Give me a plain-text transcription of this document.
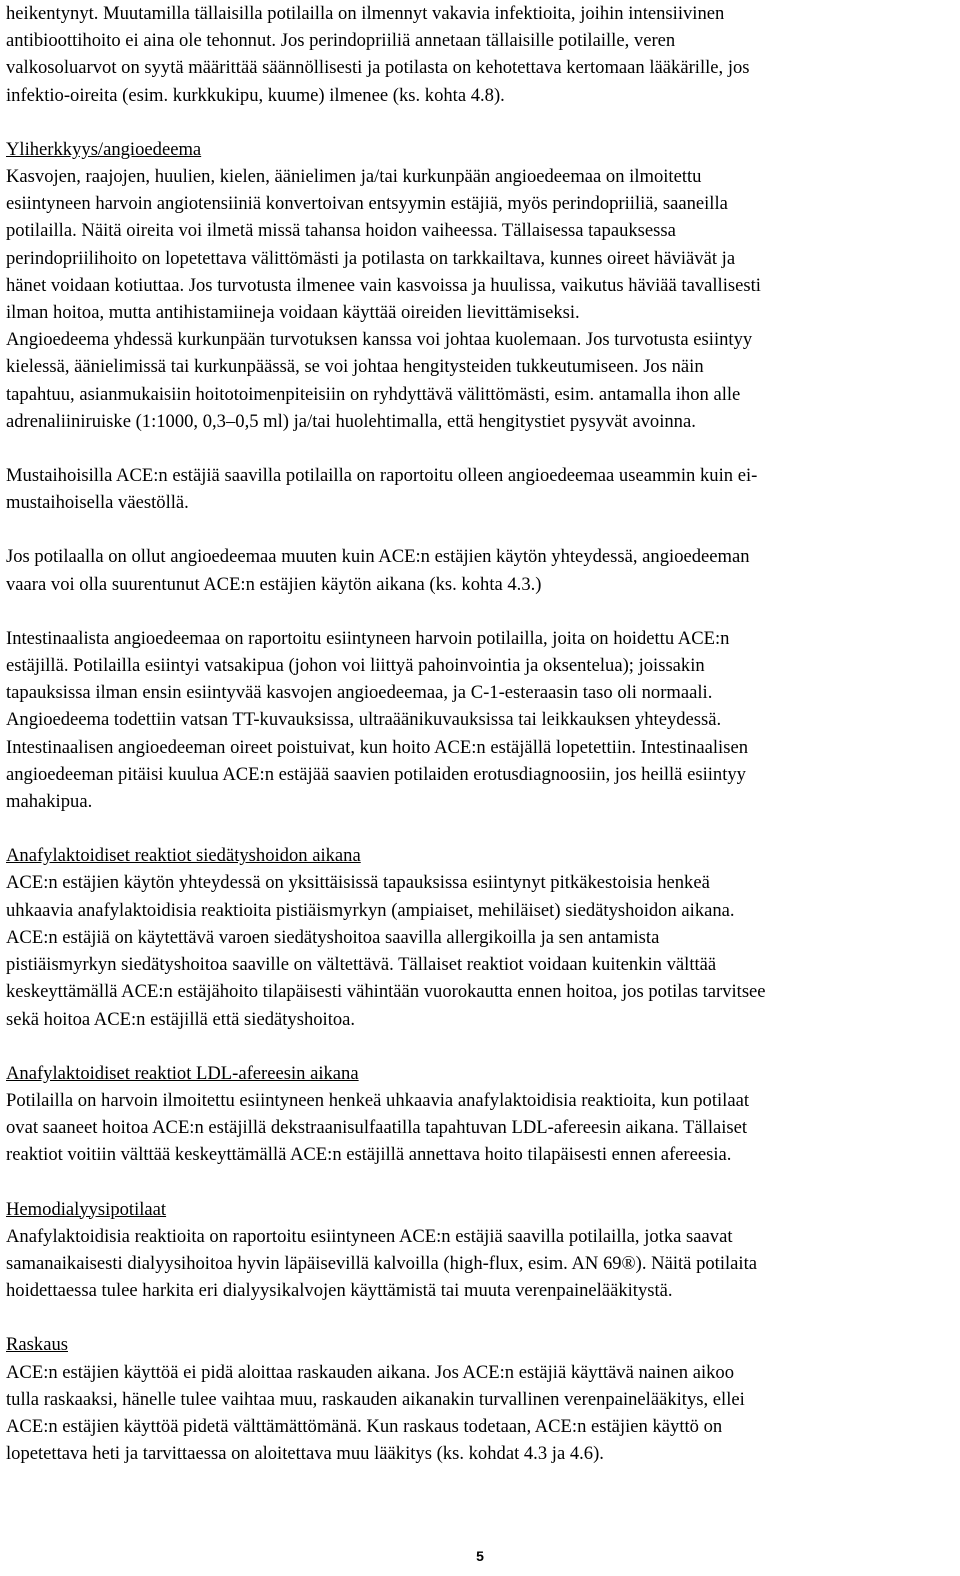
heikentynyt. Muutamilla tällaisilla potilailla on ilmennyt vakavia infektioita, joihin intensiivinen
antibioottihoito ei aina ole tehonnut. Jos perindopriiliä annetaan tällaisille potilaille, veren
valkosoluarvot on syytä määrittää säännöllisesti ja potilasta on kehotettava kertomaan lääkärille, jos
infektio-oireita (esim. kurkkukipu, kuume) ilmenee (ks. kohta 4.8).

Yliherkkyys/angioedeema
Kasvojen, raajojen, huulien, kielen, äänielimen ja/tai kurkunpään angioedeemaa on ilmoitettu
esiintyneen harvoin angiotensiiniä konvertoivan entsyymin estäjiä, myös perindopriiliä, saaneilla
potilailla. Näitä oireita voi ilmetä missä tahansa hoidon vaiheessa. Tällaisessa tapauksessa
perindopriilihoito on lopetettava välittömästi ja potilasta on tarkkailtava, kunnes oireet häviävät ja
hänet voidaan kotiuttaa. Jos turvotusta ilmenee vain kasvoissa ja huulissa, vaikutus häviää tavallisesti
ilman hoitoa, mutta antihistamiineja voidaan käyttää oireiden lievittämiseksi.
Angioedeema yhdessä kurkunpään turvotuksen kanssa voi johtaa kuolemaan. Jos turvotusta esiintyy
kielessä, äänielimissä tai kurkunpäässä, se voi johtaa hengitysteiden tukkeutumiseen. Jos näin
tapahtuu, asianmukaisiin hoitotoimenpiteisiin on ryhdyttävä välittömästi, esim. antamalla ihon alle
adrenaliiniruiske (1:1000, 0,3–0,5 ml) ja/tai huolehtimalla, että hengitystiet pysyvät avoinna.

Mustaihoisilla ACE:n estäjiä saavilla potilailla on raportoitu olleen angioedeemaa useammin kuin ei-
mustaihoisella väestöllä.

Jos potilaalla on ollut angioedeemaa muuten kuin ACE:n estäjien käytön yhteydessä, angioedeeman
vaara voi olla suurentunut ACE:n estäjien käytön aikana (ks. kohta 4.3.)

Intestinaalista angioedeemaa on raportoitu esiintyneen harvoin potilailla, joita on hoidettu ACE:n
estäjillä. Potilailla esiintyi vatsakipua (johon voi liittyä pahoinvointia ja oksentelua); joissakin
tapauksissa ilman ensin esiintyvää kasvojen angioedeemaa, ja C-1-esteraasin taso oli normaali.
Angioedeema todettiin vatsan TT-kuvauksissa, ultraäänikuvauksissa tai leikkauksen yhteydessä.
Intestinaalisen angioedeeman oireet poistuivat, kun hoito ACE:n estäjällä lopetettiin. Intestinaalisen
angioedeeman pitäisi kuulua ACE:n estäjää saavien potilaiden erotusdiagnoosiin, jos heillä esiintyy
mahakipua.

Anafylaktoidiset reaktiot siedätyshoidon aikana
ACE:n estäjien käytön yhteydessä on yksittäisissä tapauksissa esiintynyt pitkäkestoisia henkeä
uhkaavia anafylaktoidisia reaktioita pistiäismyrkyn (ampiaiset, mehiläiset) siedätyshoidon aikana.
ACE:n estäjiä on käytettävä varoen siedätyshoitoa saavilla allergikoilla ja sen antamista
pistiäismyrkyn siedätyshoitoa saaville on vältettävä. Tällaiset reaktiot voidaan kuitenkin välttää
keskeyttämällä ACE:n estäjähoito tilapäisesti vähintään vuorokautta ennen hoitoa, jos potilas tarvitsee
sekä hoitoa ACE:n estäjillä että siedätyshoitoa.

Anafylaktoidiset reaktiot LDL-afereesin aikana
Potilailla on harvoin ilmoitettu esiintyneen henkeä uhkaavia anafylaktoidisia reaktioita, kun potilaat
ovat saaneet hoitoa ACE:n estäjillä dekstraanisulfaatilla tapahtuvan LDL-afereesin aikana. Tällaiset
reaktiot voitiin välttää keskeyttämällä ACE:n estäjillä annettava hoito tilapäisesti ennen afereesia.

Hemodialyysipotilaat
Anafylaktoidisia reaktioita on raportoitu esiintyneen ACE:n estäjiä saavilla potilailla, jotka saavat
samanaikaisesti dialyysihoitoa hyvin läpäisevillä kalvoilla (high-flux, esim. AN 69®). Näitä potilaita
hoidettaessa tulee harkita eri dialyysikalvojen käyttämistä tai muuta verenpainelääkitystä.

Raskaus
ACE:n estäjien käyttöä ei pidä aloittaa raskauden aikana. Jos ACE:n estäjiä käyttävä nainen aikoo
tulla raskaaksi, hänelle tulee vaihtaa muu, raskauden aikanakin turvallinen verenpainelääkitys, ellei
ACE:n estäjien käyttöä pidetä välttämättömänä. Kun raskaus todetaan, ACE:n estäjien käyttö on
lopetettava heti ja tarvittaessa on aloitettava muu lääkitys (ks. kohdat 4.3 ja 4.6).

5
